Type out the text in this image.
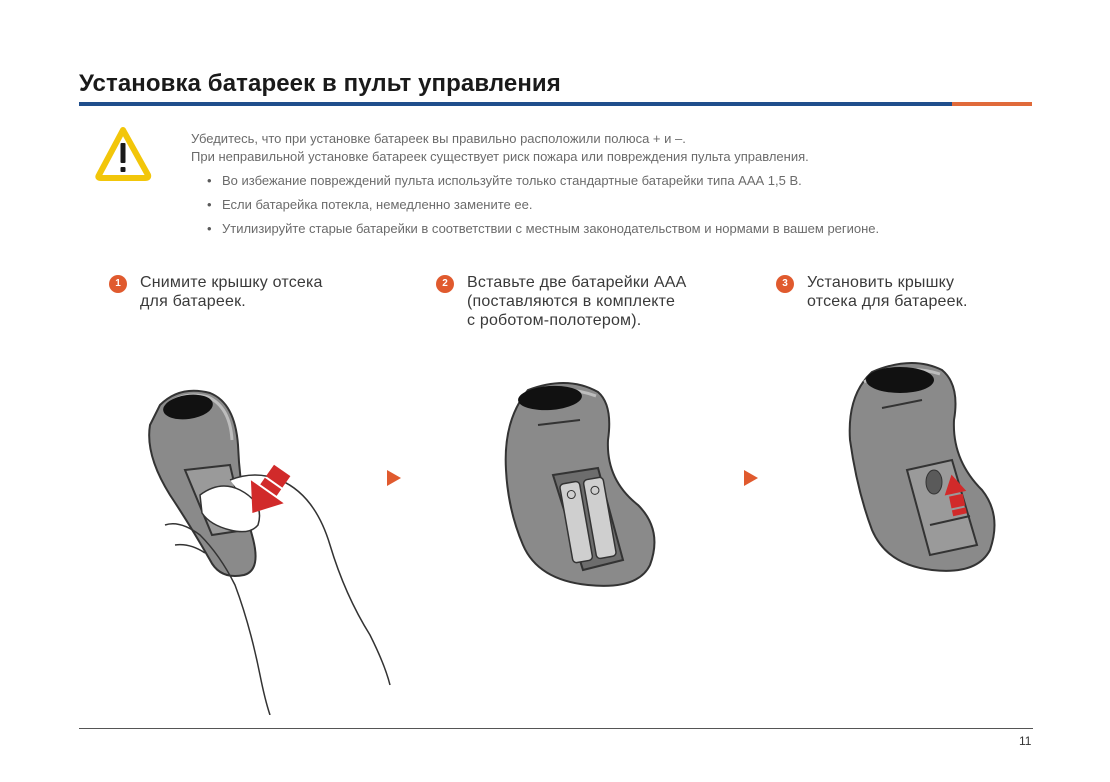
Установка батареек в пульт управления
Убедитесь, что при установке батареек вы правильно расположили полюса + и –.
При неправильной установке батареек существует риск пожара или повреждения пульта управления.
• Во избежание повреждений пульта используйте только стандартные батарейки типа ААА 1,5 В.
• Если батарейка потекла, немедленно замените ее.
• Утилизируйте старые батарейки в соответствии с местным законодательством и нормами в вашем регионе.
1	Снимите крышку отсека
для батареек.
2	Вставьте две батарейки ААА
(поставляются в комплекте
с роботом-полотером).
3	Установить крышку
отсека для батареек.
11
